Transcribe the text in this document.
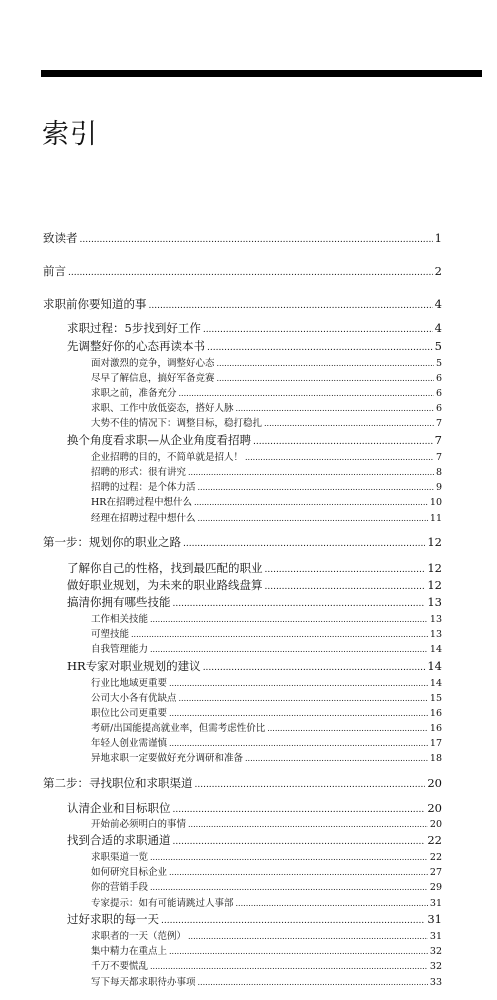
索引
致读者 .....	1
前言 .....	2
求职前你要知道的事 .....	4
求职过程：5步找到好工作 .....	4
先调整好你的心态再读本书 .....	5
面对激烈的竞争，调整好心态 .....	5
尽早了解信息，搞好军备竞赛 .....	6
求职之前，准备充分 .....	6
求职、工作中放低姿态，搭好人脉 .....	6
大势不佳的情况下：调整目标，稳打稳扎 .....	7
换个角度看求职—从企业角度看招聘 .....	7
企业招聘的目的，不简单就是招人！ .....	7
招聘的形式：很有讲究 .....	8
招聘的过程：是个体力活 .....	9
HR在招聘过程中想什么 .....	10
经理在招聘过程中想什么 .....	11
第一步：规划你的职业之路 .....	12
了解你自己的性格，找到最匹配的职业 .....	12
做好职业规划，为未来的职业路线盘算 .....	12
搞清你拥有哪些技能 .....	13
工作相关技能 .....	13
可塑技能 .....	13
自我管理能力 .....	14
HR专家对职业规划的建议 .....	14
行业比地域更重要 .....	14
公司大小各有优缺点 .....	15
职位比公司更重要 .....	16
考研/出国能提高就业率，但需考虑性价比 .....	16
年轻人创业需谨慎 .....	17
异地求职一定要做好充分调研和准备 .....	18
第二步：寻找职位和求职渠道 .....	20
认清企业和目标职位 .....	20
开始前必须明白的事情 .....	20
找到合适的求职通道 .....	22
求职渠道一览 .....	22
如何研究目标企业 .....	27
你的营销手段 .....	29
专家提示：如有可能请跳过人事部 .....	31
过好求职的每一天 .....	31
求职者的一天（范例） .....	31
集中精力在重点上 .....	32
千万不要慌乱 .....	32
写下每天都求职待办事项 .....	33
